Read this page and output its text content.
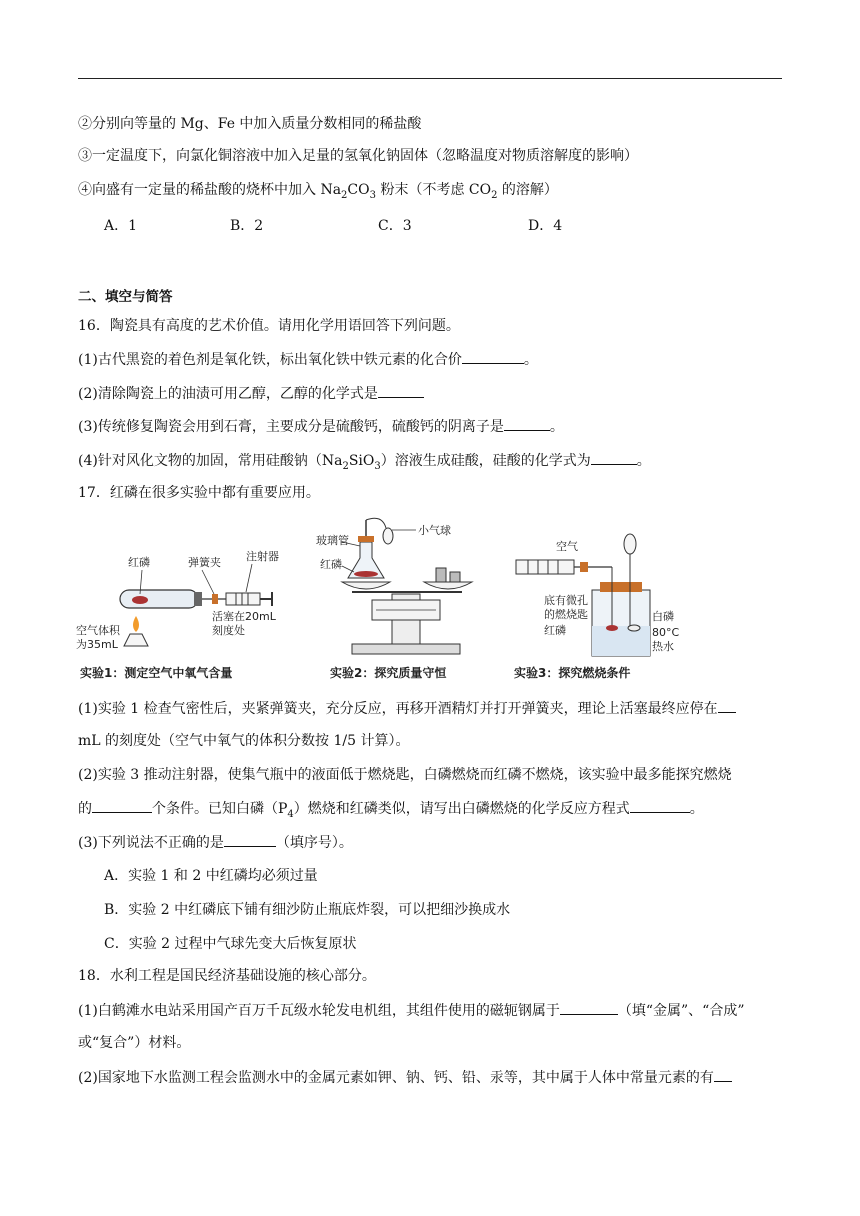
②分别向等量的 Mg、Fe 中加入质量分数相同的稀盐酸
③一定温度下，向氯化铜溶液中加入足量的氢氧化钠固体（忽略温度对物质溶解度的影响）
④向盛有一定量的稀盐酸的烧杯中加入 $Na_2CO_3$ 粉末（不考虑 $CO_2$ 的溶解）
A．1	B．2	C．3	D．4
二、填空与简答
16．陶瓷具有高度的艺术价值。请用化学用语回答下列问题。
(1)古代黑瓷的着色剂是氧化铁，标出氧化铁中铁元素的化合价	。
(2)清除陶瓷上的油渍可用乙醇，乙醇的化学式是
(3)传统修复陶瓷会用到石膏，主要成分是硫酸钙，硫酸钙的阴离子是	。
(4)针对风化文物的加固，常用硅酸钠$(Na_2SiO_3)$溶液生成硅酸，硅酸的化学式为	。
17．红磷在很多实验中都有重要应用。
红磷	弹簧夹 注射器
空气体积
为35mL
活塞在20mL
刻度处
实验1：测定空气中氧气含量
小气球
玻璃管
红磷
实验2：探究质量守恒
空气
底有微孔
的燃烧匙
红磷
白磷
80°C
热水
实验3：探究燃烧条件
(1)实验 1 检查气密性后，夹紧弹簧夹，充分反应，再移开酒精灯并打开弹簧夹，理论上活塞最终应停在
mL 的刻度处（空气中氧气的体积分数按 1/5 计算）。
(2)实验 3 推动注射器，使集气瓶中的液面低于燃烧匙，白磷燃烧而红磷不燃烧，该实验中最多能探究燃烧
的	个条件。已知白磷$(P_4)$燃烧和红磷类似，请写出白磷燃烧的化学反应方程式	。
(3)下列说法不正确的是	（填序号）。
A．实验 1 和 2 中红磷均必须过量
B．实验 2 中红磷底下铺有细沙防止瓶底炸裂，可以把细沙换成水
C．实验 2 过程中气球先变大后恢复原状
18．水利工程是国民经济基础设施的核心部分。
(1)白鹤滩水电站采用国产百万千瓦级水轮发电机组，其组件使用的磁轭钢属于	（填“金属”、“合成”
或“复合”）材料。
(2)国家地下水监测工程会监测水中的金属元素如钾、钠、钙、铅、汞等，其中属于人体中常量元素的有
